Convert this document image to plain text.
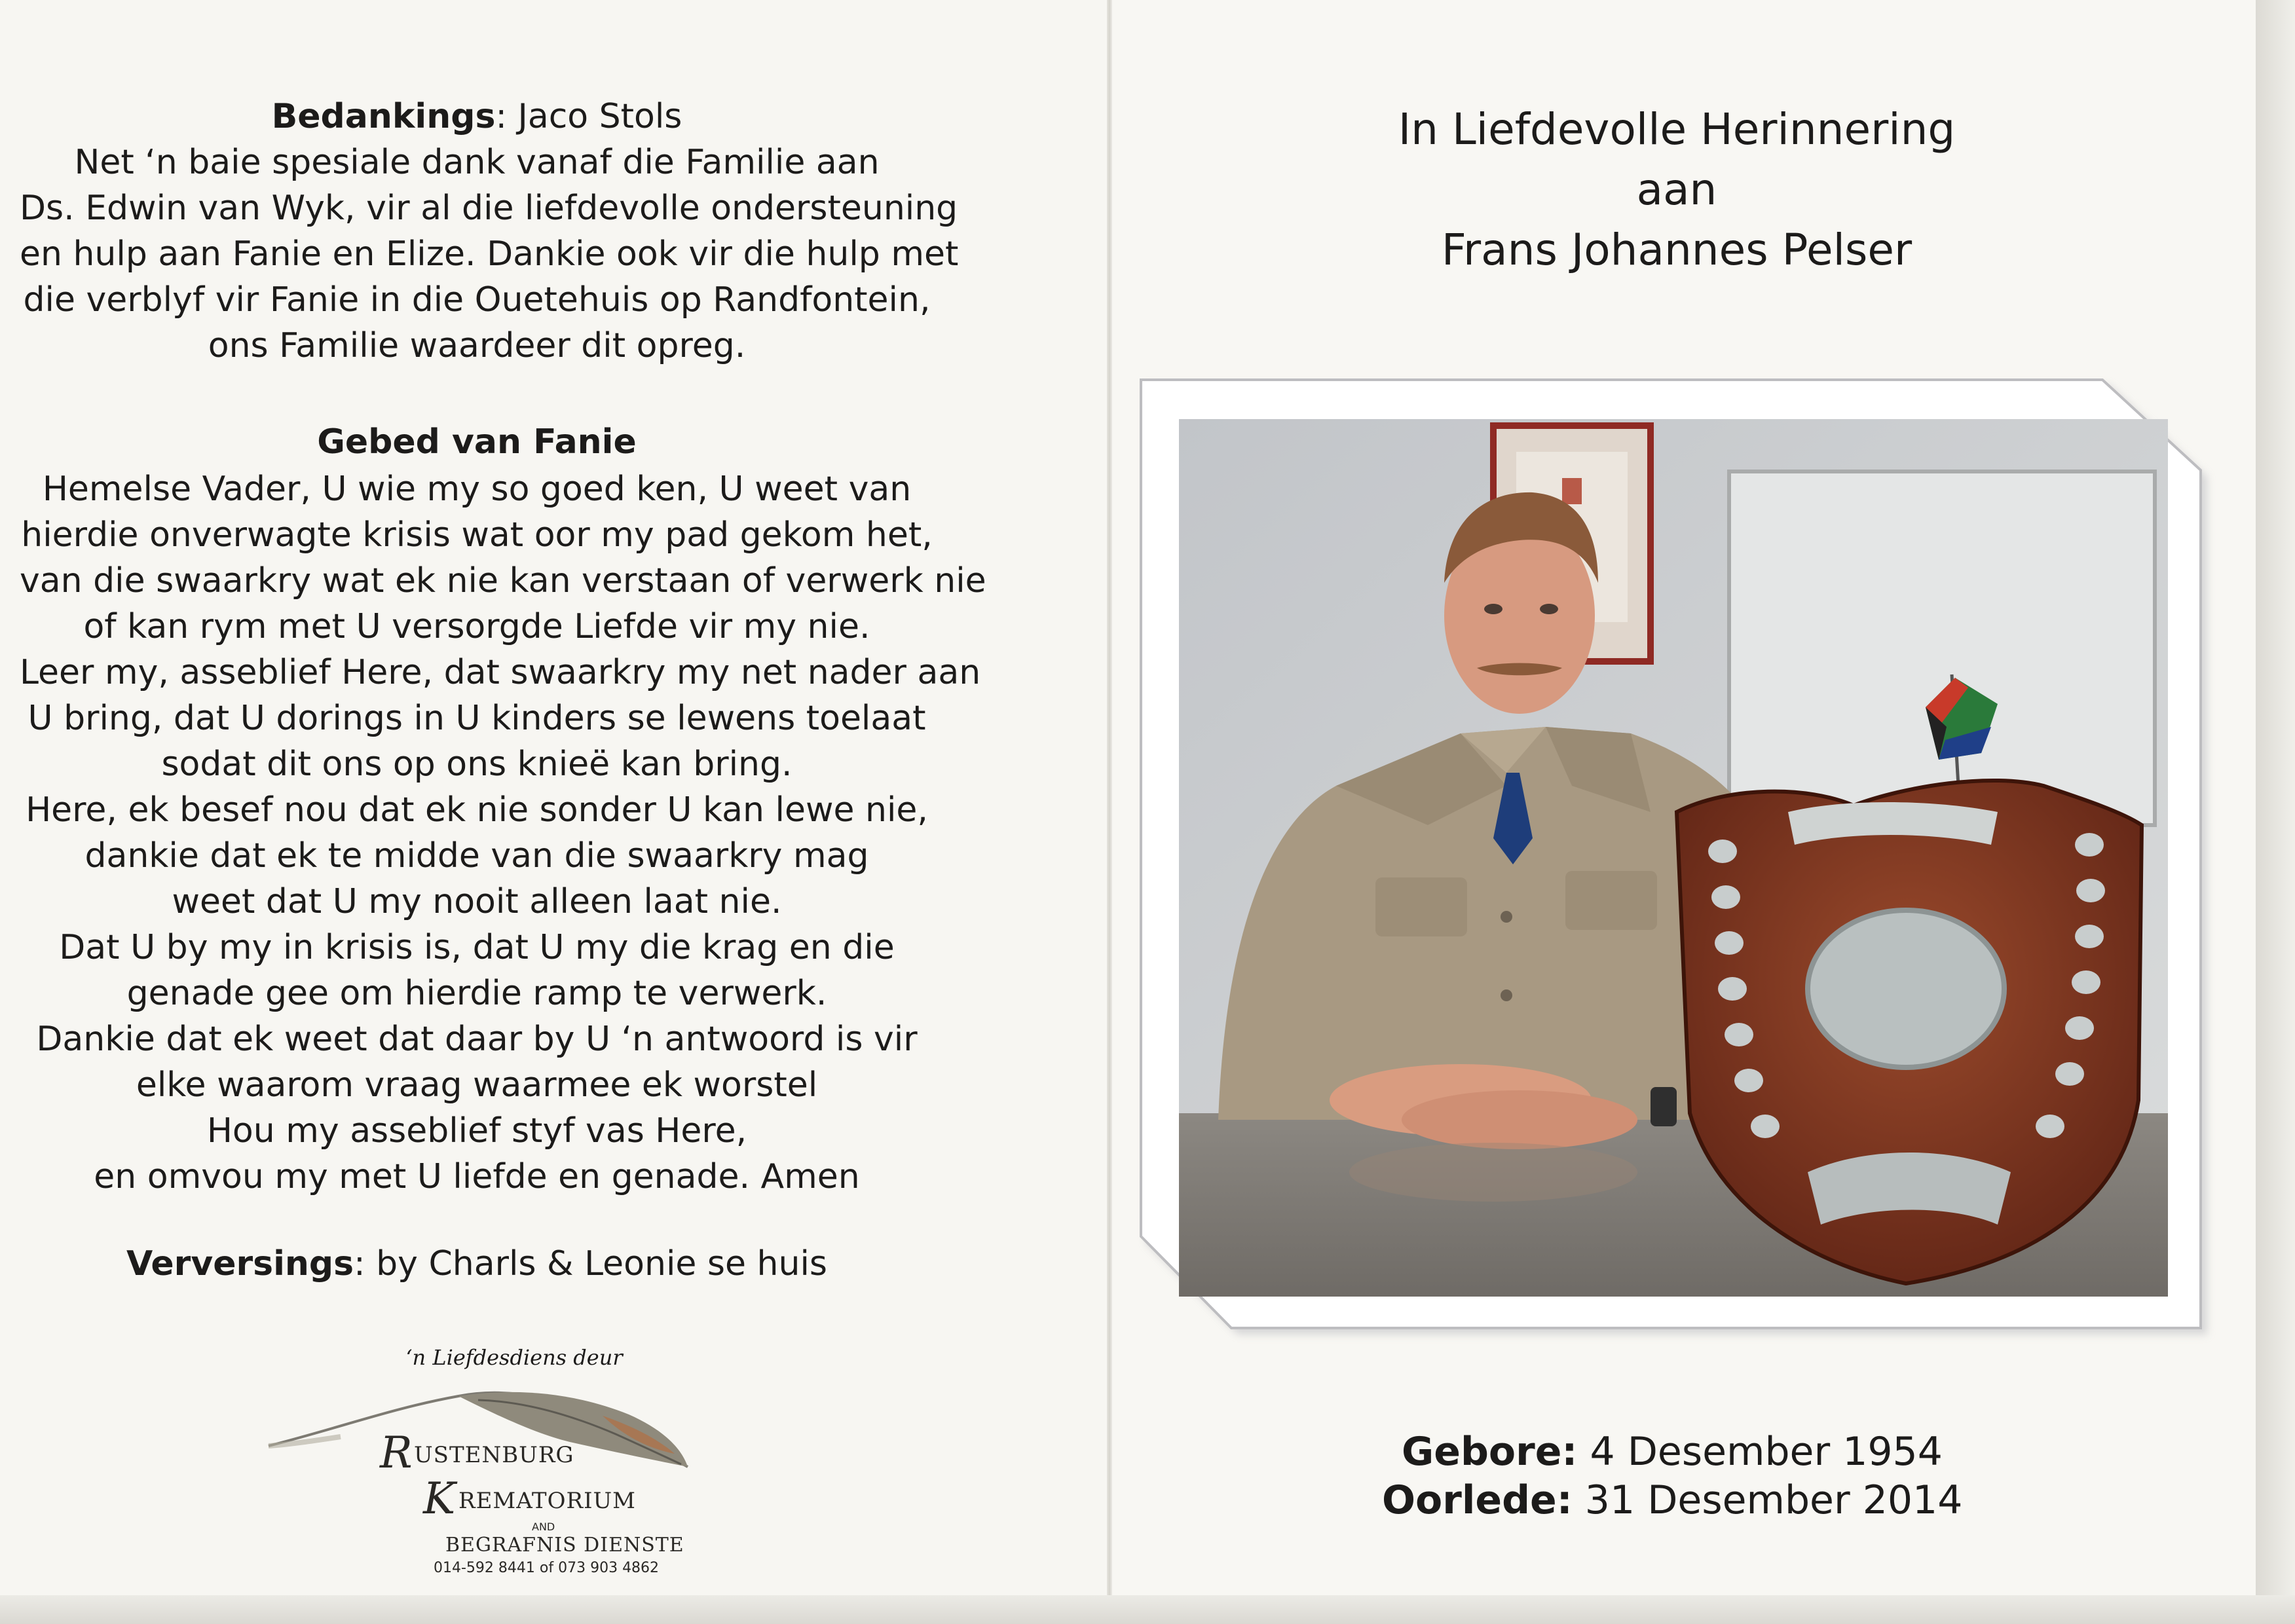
Bedankings: Jaco Stols
Net ‘n baie spesiale dank vanaf die Familie aan
Ds. Edwin van Wyk, vir al die liefdevolle ondersteuning
en hulp aan Fanie en Elize. Dankie ook vir die hulp met
die verblyf vir Fanie in die Ouetehuis op Randfontein,
ons Familie waardeer dit opreg.
Gebed van Fanie
Hemelse Vader, U wie my so goed ken, U weet van
hierdie onverwagte krisis wat oor my pad gekom het,
van die swaarkry wat ek nie kan verstaan of verwerk nie
of kan rym met U versorgde Liefde vir my nie.
Leer my, asseblief Here, dat swaarkry my net nader aan
U bring, dat U dorings in U kinders se lewens toelaat
sodat dit ons op ons knieë kan bring.
Here, ek besef nou dat ek nie sonder U kan lewe nie,
dankie dat ek te midde van die swaarkry mag
weet dat U my nooit alleen laat nie.
Dat U by my in krisis is, dat U my die krag en die
genade gee om hierdie ramp te verwerk.
Dankie dat ek weet dat daar by U ‘n antwoord is vir
elke waarom vraag waarmee ek worstel
Hou my asseblief styf vas Here,
en omvou my met U liefde en genade. Amen
Verversings: by Charls & Leonie se huis
‘n Liefdesdiens deur
R USTENBURG
K REMATORIUM
AND
BEGRAFNIS DIENSTE
014-592 8441 of 073 903 4862
In Liefdevolle Herinnering
aan
Frans Johannes Pelser
Gebore: 4 Desember 1954
Oorlede: 31 Desember 2014
